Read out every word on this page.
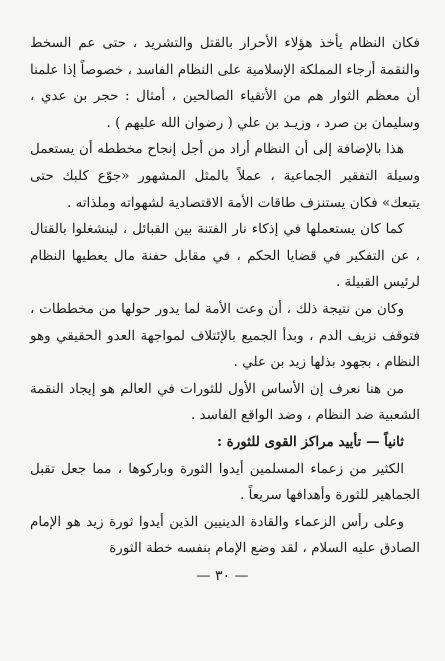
فكان النظام يأخذ هؤلاء الأحرار بالقتل والتشريد ، حتى عم السخط والنقمة أرجاء المملكة الإسلامية على النظام الفاسد ، خصوصاً إذا علمنا أن معظم الثوار هم من الأتقياء الصالحين ، أمثال : حجر بن عدي ، وسليمان بن صرد ، وزيـد بن علي ( رضوان الله عليهم ) .

هذا بالإضافة إلى أن النظام أراد من أجل إنجاح مخططه أن يستعمل وسيلة التفقير الجماعية ، عملاً بالمثل المشهور «جوّع كلبك حتى يتبعك» فكان يستنزف طاقات الأمة الاقتصادية لشهواته وملذاته .

كما كان يستعملها في إذكاء نار الفتنة بين القبائل ، لينشغلوا بالقتال ، عن التفكير في قضايا الحكم ، في مقابل حفنة مال يعطيها النظام لرئيس القبيلة .

وكان من نتيجة ذلك ، أن وعت الأمة لما يدور حولها من مخططات ، فتوقف نزيف الدم ، وبدأ الجميع بالإئتلاف لمواجهة العدو الحقيقي وهو النظام ، بجهود بذلها زيد بن علي .

من هنا نعرف إن الأساس الأول للثورات في العالم هو إيجاد النقمة الشعبية ضد النظام ، وضد الواقع الفاسد .

ثانياً — تأييد مراكز القوى للثورة :

الكثير من زعماء المسلمين أيدوا الثورة وباركوها ، مما جعل تقبل الجماهير للثورة وأهدافها سريعاً .

وعلى رأس الزعماء والقادة الدينيين الذين أيدوا ثورة زيد هو الإمام الصادق عليه السلام ، لقد وضع الإمام بنفسه خطة الثورة

— ٣٠ —
